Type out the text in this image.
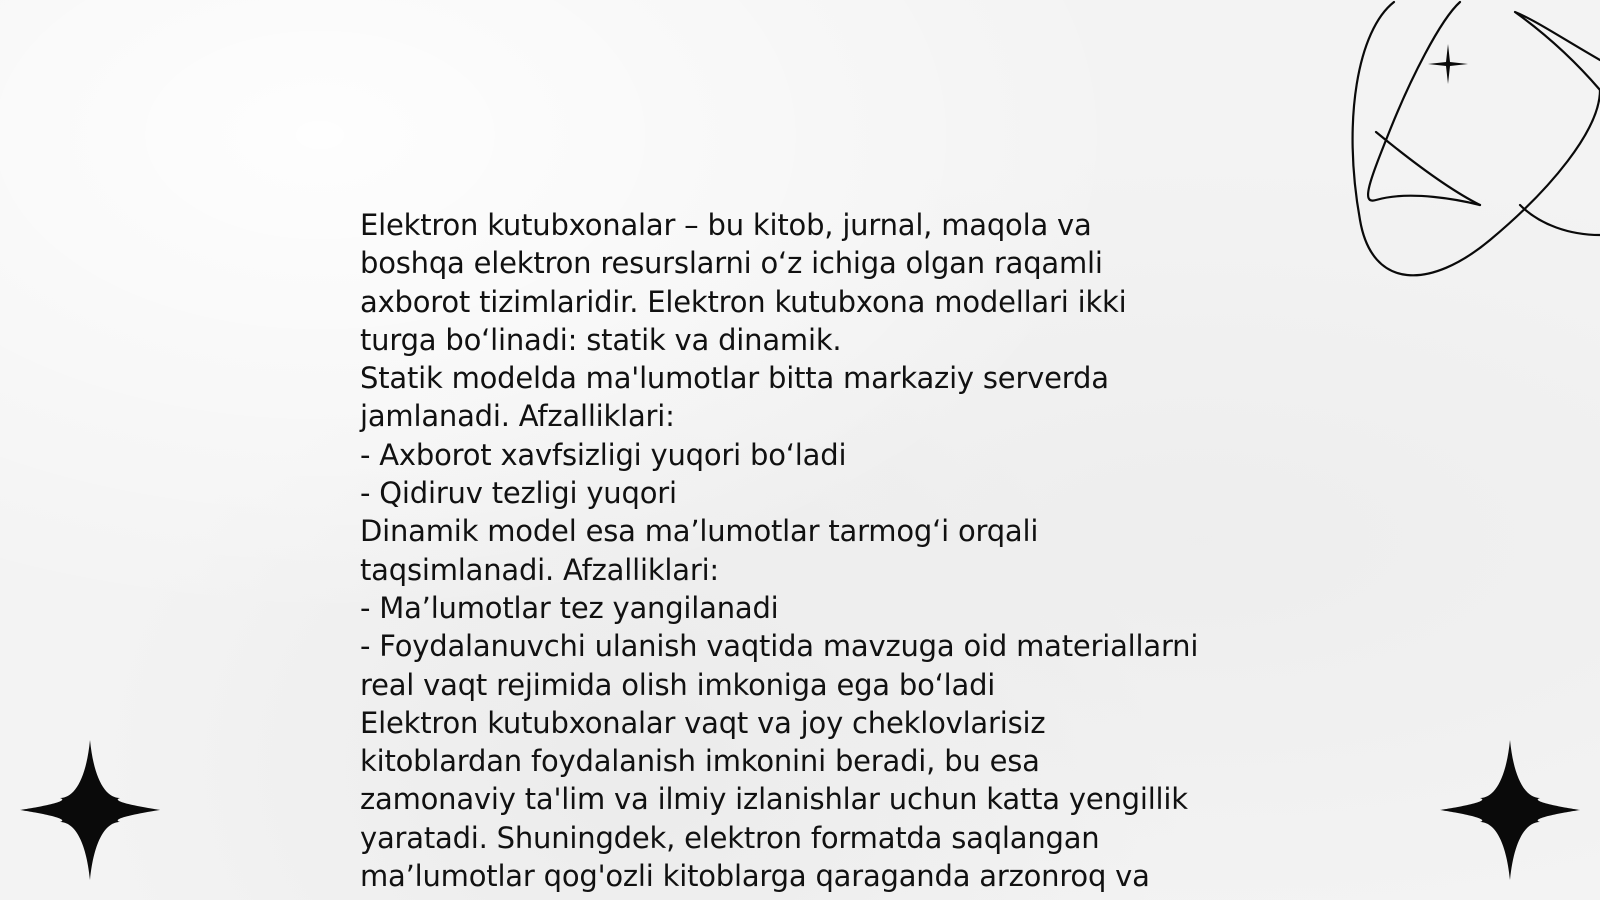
Elektron kutubxonalar – bu kitob, jurnal, maqola va
boshqa elektron resurslarni o‘z ichiga olgan raqamli
axborot tizimlaridir. Elektron kutubxona modellari ikki
turga bo‘linadi: statik va dinamik.
Statik modelda ma'lumotlar bitta markaziy serverda
jamlanadi. Afzalliklari:
- Axborot xavfsizligi yuqori bo‘ladi
- Qidiruv tezligi yuqori
Dinamik model esa ma’lumotlar tarmog‘i orqali
taqsimlanadi. Afzalliklari:
- Ma’lumotlar tez yangilanadi
- Foydalanuvchi ulanish vaqtida mavzuga oid materiallarni
real vaqt rejimida olish imkoniga ega bo‘ladi
Elektron kutubxonalar vaqt va joy cheklovlarisiz
kitoblardan foydalanish imkonini beradi, bu esa
zamonaviy ta'lim va ilmiy izlanishlar uchun katta yengillik
yaratadi. Shuningdek, elektron formatda saqlangan
ma’lumotlar qog'ozli kitoblarga qaraganda arzonroq va
